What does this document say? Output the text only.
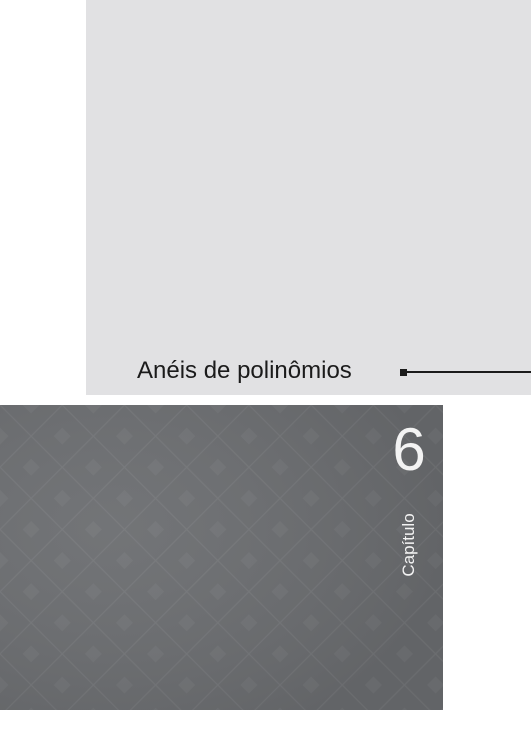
Anéis de polinômios
6
Capítulo
